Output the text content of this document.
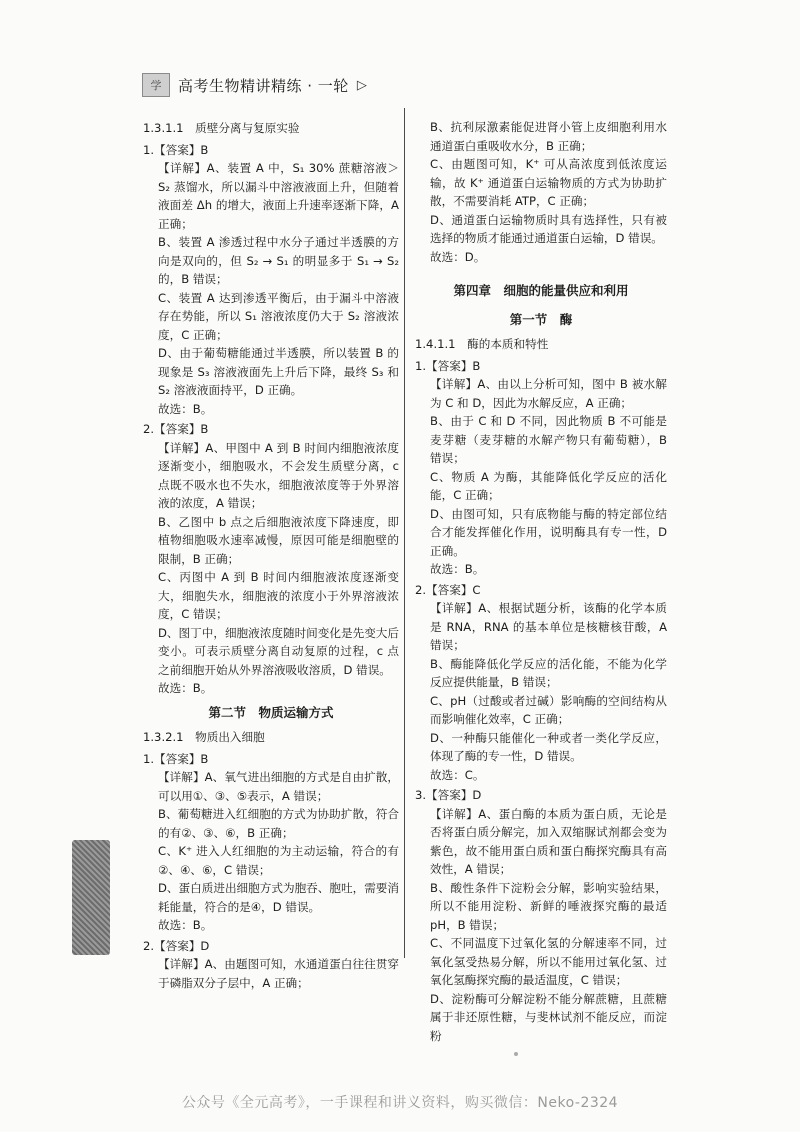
学	高考生物精讲精练 · 一轮 ▷

1.3.1.1　质壁分离与复原实验

1.【答案】B

【详解】A、装置 A 中，S₁ 30% 蔗糖溶液＞S₂ 蒸馏水，所以漏斗中溶液液面上升，但随着液面差 Δh 的增大，液面上升速率逐渐下降，A 正确；

B、装置 A 渗透过程中水分子通过半透膜的方向是双向的，但 S₂ → S₁ 的明显多于 S₁ → S₂ 的，B 错误；

C、装置 A 达到渗透平衡后，由于漏斗中溶液存在势能，所以 S₁ 溶液浓度仍大于 S₂ 溶液浓度，C 正确；

D、由于葡萄糖能通过半透膜，所以装置 B 的现象是 S₃ 溶液液面先上升后下降，最终 S₃ 和 S₂ 溶液液面持平，D 正确。

故选：B。

2.【答案】B

【详解】A、甲图中 A 到 B 时间内细胞液浓度逐渐变小，细胞吸水，不会发生质壁分离，c 点既不吸水也不失水，细胞液浓度等于外界溶液的浓度，A 错误；

B、乙图中 b 点之后细胞液浓度下降速度，即植物细胞吸水速率减慢，原因可能是细胞壁的限制，B 正确；

C、丙图中 A 到 B 时间内细胞液浓度逐渐变大，细胞失水，细胞液的浓度小于外界溶液浓度，C 错误；

D、图丁中，细胞液浓度随时间变化是先变大后变小。可表示质壁分离自动复原的过程，c 点之前细胞开始从外界溶液吸收溶质，D 错误。

故选：B。

第二节　物质运输方式

1.3.2.1　物质出入细胞

1.【答案】B

【详解】A、氧气进出细胞的方式是自由扩散，可以用①、③、⑤表示，A 错误；

B、葡萄糖进入红细胞的方式为协助扩散，符合的有②、③、⑥，B 正确；

C、K⁺ 进入人红细胞的为主动运输，符合的有②、④、⑥，C 错误；

D、蛋白质进出细胞方式为胞吞、胞吐，需要消耗能量，符合的是④，D 错误。

故选：B。

2.【答案】D

【详解】A、由题图可知，水通道蛋白往往贯穿于磷脂双分子层中，A 正确；

B、抗利尿激素能促进肾小管上皮细胞利用水通道蛋白重吸收水分，B 正确；

C、由题图可知，K⁺ 可从高浓度到低浓度运输，故 K⁺ 通道蛋白运输物质的方式为协助扩散，不需要消耗 ATP，C 正确；

D、通道蛋白运输物质时具有选择性，只有被选择的物质才能通过通道蛋白运输，D 错误。

故选：D。

第四章　细胞的能量供应和利用

第一节　酶

1.4.1.1　酶的本质和特性

1.【答案】B

【详解】A、由以上分析可知，图中 B 被水解为 C 和 D，因此为水解反应，A 正确；

B、由于 C 和 D 不同，因此物质 B 不可能是麦芽糖（麦芽糖的水解产物只有葡萄糖），B 错误；

C、物质 A 为酶，其能降低化学反应的活化能，C 正确；

D、由图可知，只有底物能与酶的特定部位结合才能发挥催化作用，说明酶具有专一性，D 正确。

故选：B。

2.【答案】C

【详解】A、根据试题分析，该酶的化学本质是 RNA，RNA 的基本单位是核糖核苷酸，A 错误；

B、酶能降低化学反应的活化能，不能为化学反应提供能量，B 错误；

C、pH（过酸或者过碱）影响酶的空间结构从而影响催化效率，C 正确；

D、一种酶只能催化一种或者一类化学反应，体现了酶的专一性，D 错误。

故选：C。

3.【答案】D

【详解】A、蛋白酶的本质为蛋白质，无论是否将蛋白质分解完，加入双缩脲试剂都会变为紫色，故不能用蛋白质和蛋白酶探究酶具有高效性，A 错误；

B、酸性条件下淀粉会分解，影响实验结果，所以不能用淀粉、新鲜的唾液探究酶的最适 pH，B 错误；

C、不同温度下过氧化氢的分解速率不同，过氧化氢受热易分解，所以不能用过氧化氢、过氧化氢酶探究酶的最适温度，C 错误；

D、淀粉酶可分解淀粉不能分解蔗糖，且蔗糖属于非还原性糖，与斐林试剂不能反应，而淀粉

公众号《全元高考》，一手课程和讲义资料，购买微信：Neko-2324
